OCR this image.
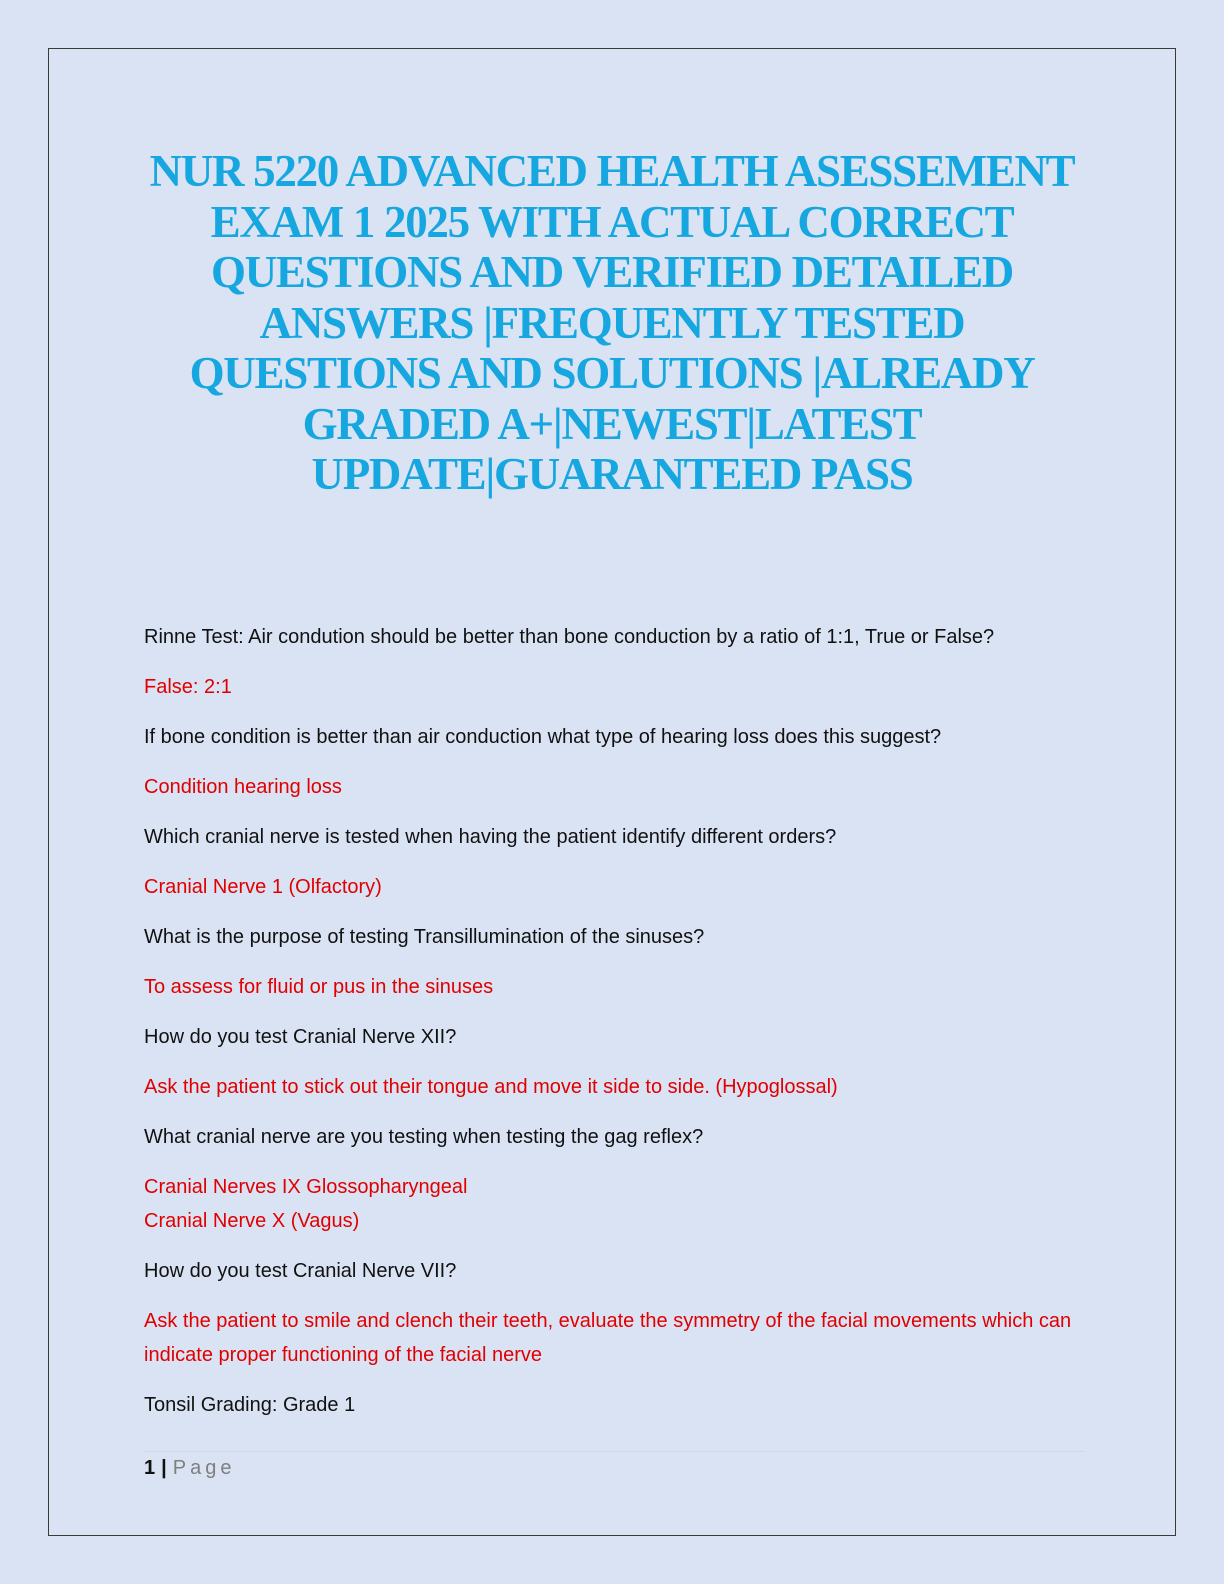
NUR 5220 ADVANCED HEALTH ASESSEMENT
EXAM 1 2025 WITH ACTUAL CORRECT
QUESTIONS AND VERIFIED DETAILED
ANSWERS |FREQUENTLY TESTED
QUESTIONS AND SOLUTIONS |ALREADY
GRADED A+|NEWEST|LATEST
UPDATE|GUARANTEED PASS

Rinne Test: Air condution should be better than bone conduction by a ratio of 1:1, True or False?

False: 2:1

If bone condition is better than air conduction what type of hearing loss does this suggest?

Condition hearing loss

Which cranial nerve is tested when having the patient identify different orders?

Cranial Nerve 1 (Olfactory)

What is the purpose of testing Transillumination of the sinuses?

To assess for fluid or pus in the sinuses

How do you test Cranial Nerve XII?

Ask the patient to stick out their tongue and move it side to side. (Hypoglossal)

What cranial nerve are you testing when testing the gag reflex?

Cranial Nerves IX Glossopharyngeal
Cranial Nerve X (Vagus)

How do you test Cranial Nerve VII?

Ask the patient to smile and clench their teeth, evaluate the symmetry of the facial movements which can indicate proper functioning of the facial nerve

Tonsil Grading: Grade 1

1 | Page
